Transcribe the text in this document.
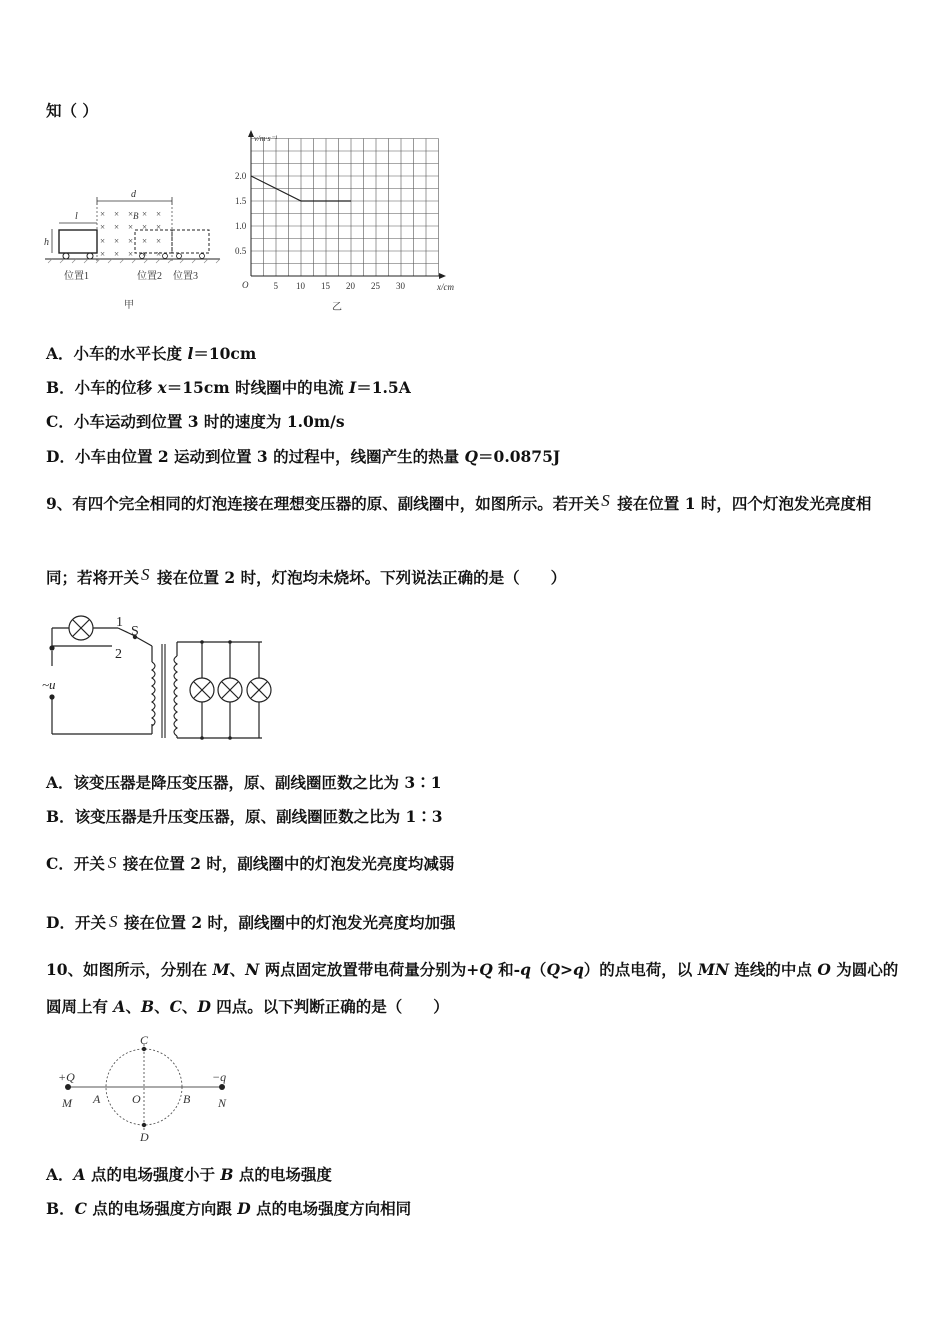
知（ ）
d
l
h
× × × × ×
× × × × ×
× × × × ×
× × × × ×
B
位置1	位置2 位置3
甲
5 10 15 20 25 30
2.0
1.5
1.0
0.5
v/m·s⁻¹
x/cm
O
乙
A．小车的水平长度 l＝10cm
B．小车的位移 x＝15cm 时线圈中的电流 I＝1.5A
C．小车运动到位置 3 时的速度为 1.0m/s
D．小车由位置 2 运动到位置 3 的过程中，线圈产生的热量 Q＝0.0875J
9、有四个完全相同的灯泡连接在理想变压器的原、副线圈中，如图所示。若开关 S 接在位置 1 时，四个灯泡发光亮度相
同；若将开关 S 接在位置 2 时，灯泡均未烧坏。下列说法正确的是（　　）
1
2
S
~u
A．该变压器是降压变压器，原、副线圈匝数之比为 3∶1
B．该变压器是升压变压器，原、副线圈匝数之比为 1∶3
C．开关 S 接在位置 2 时，副线圈中的灯泡发光亮度均减弱
D．开关 S 接在位置 2 时，副线圈中的灯泡发光亮度均加强
10、如图所示，分别在 M、N 两点固定放置带电荷量分别为+Q 和-q（Q>q）的点电荷，以 MN 连线的中点 O 为圆心的
圆周上有 A、B、C、D 四点。以下判断正确的是（　　）
+Q	−q
M	N
A	O	B
C
D
A．A 点的电场强度小于 B 点的电场强度
B．C 点的电场强度方向跟 D 点的电场强度方向相同
